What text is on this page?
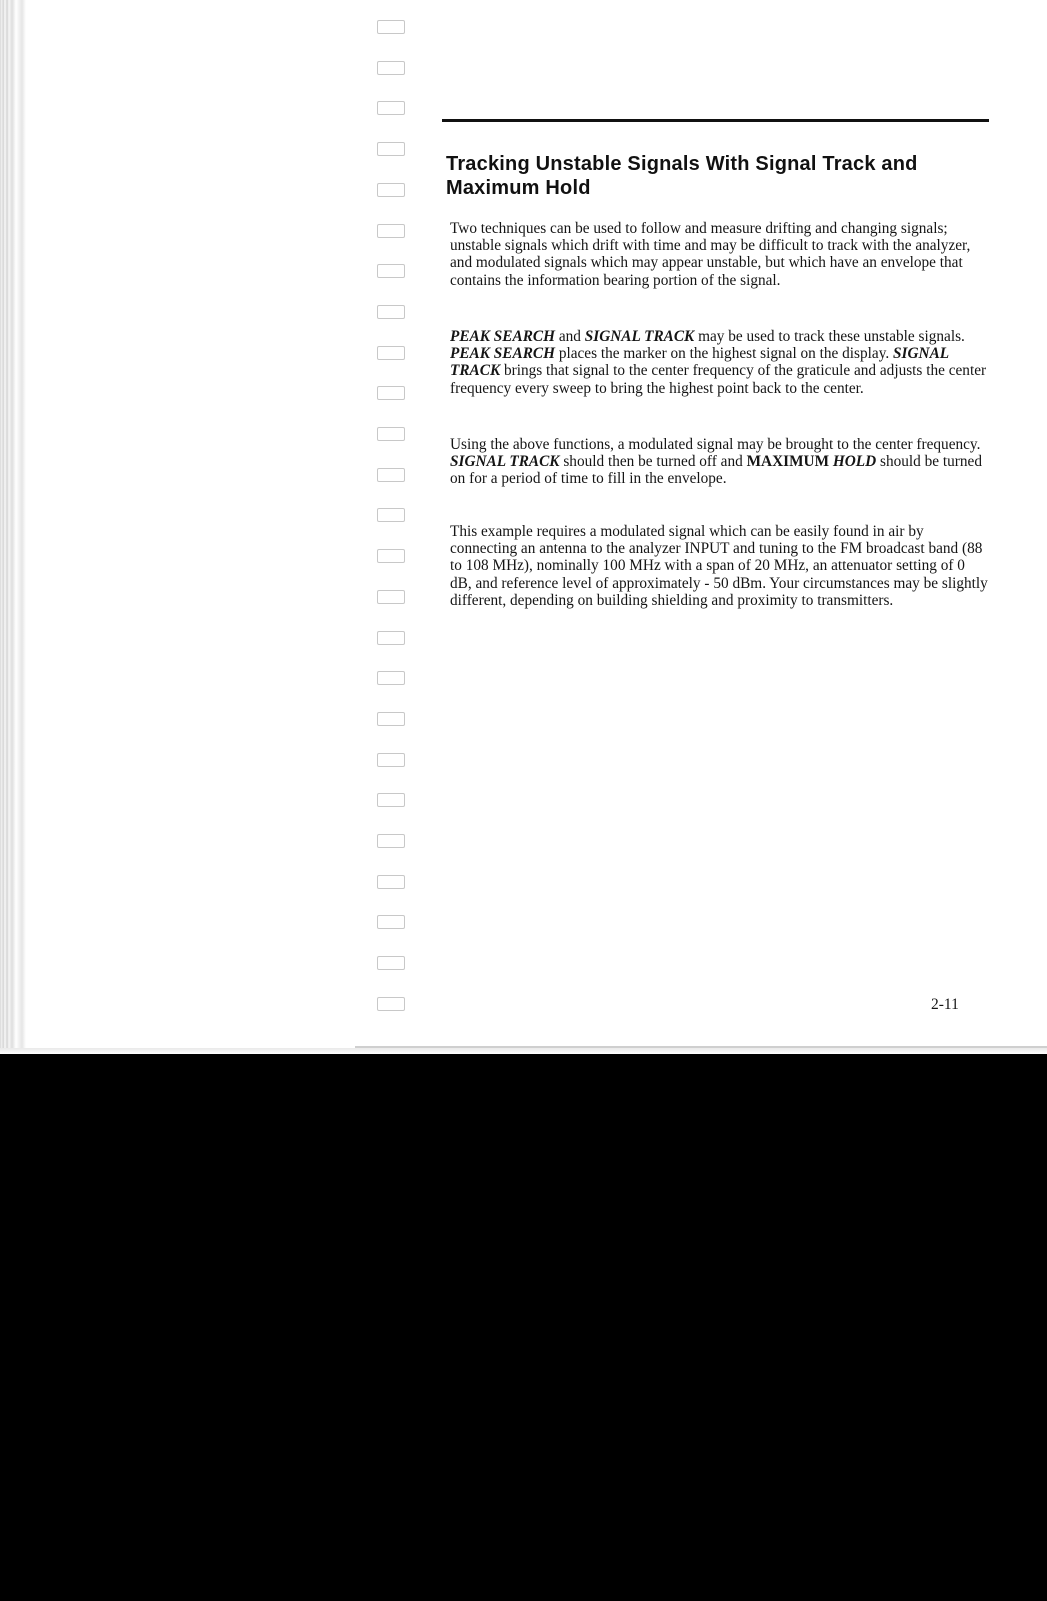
Tracking Unstable Signals With Signal Track and Maximum Hold

Two techniques can be used to follow and measure drifting and changing signals; unstable signals which drift with time and may be difficult to track with the analyzer, and modulated signals which may appear unstable, but which have an envelope that contains the information bearing portion of the signal.

PEAK SEARCH and SIGNAL TRACK may be used to track these unstable signals. PEAK SEARCH places the marker on the highest signal on the display. SIGNAL TRACK brings that signal to the center frequency of the graticule and adjusts the center frequency every sweep to bring the highest point back to the center.

Using the above functions, a modulated signal may be brought to the center frequency. SIGNAL TRACK should then be turned off and MAXIMUM HOLD should be turned on for a period of time to fill in the envelope.

This example requires a modulated signal which can be easily found in air by connecting an antenna to the analyzer INPUT and tuning to the FM broadcast band (88 to 108 MHz), nominally 100 MHz with a span of 20 MHz, an attenuator setting of 0 dB, and reference level of approximately - 50 dBm. Your circumstances may be slightly different, depending on building shielding and proximity to transmitters.

2-11
